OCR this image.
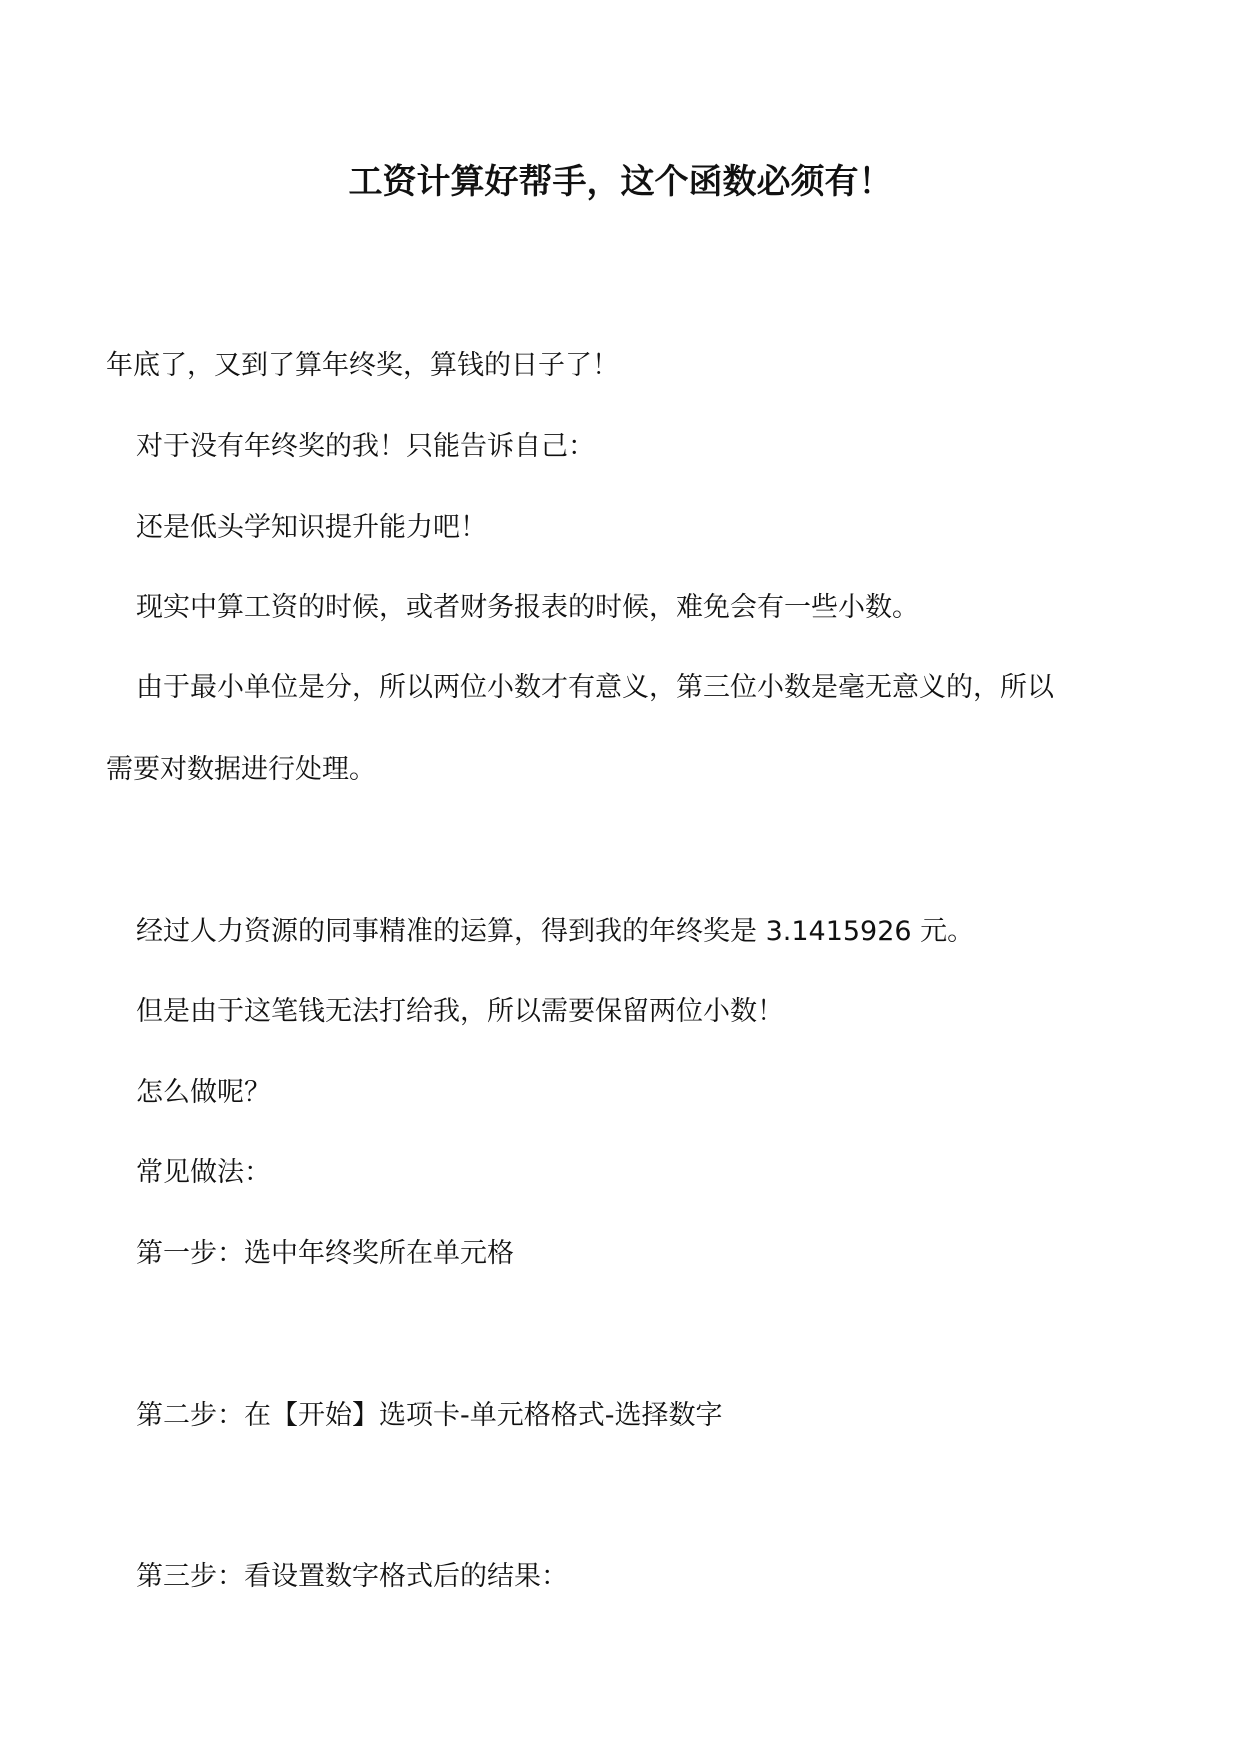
工资计算好帮手，这个函数必须有！

年底了，又到了算年终奖，算钱的日子了！

对于没有年终奖的我！只能告诉自己：

还是低头学知识提升能力吧！

现实中算工资的时候，或者财务报表的时候，难免会有一些小数。

由于最小单位是分，所以两位小数才有意义，第三位小数是毫无意义的，所以

需要对数据进行处理。

经过人力资源的同事精准的运算，得到我的年终奖是 3.1415926 元。

但是由于这笔钱无法打给我，所以需要保留两位小数！

怎么做呢？

常见做法：

第一步：选中年终奖所在单元格

第二步：在【开始】选项卡-单元格格式-选择数字

第三步：看设置数字格式后的结果：
